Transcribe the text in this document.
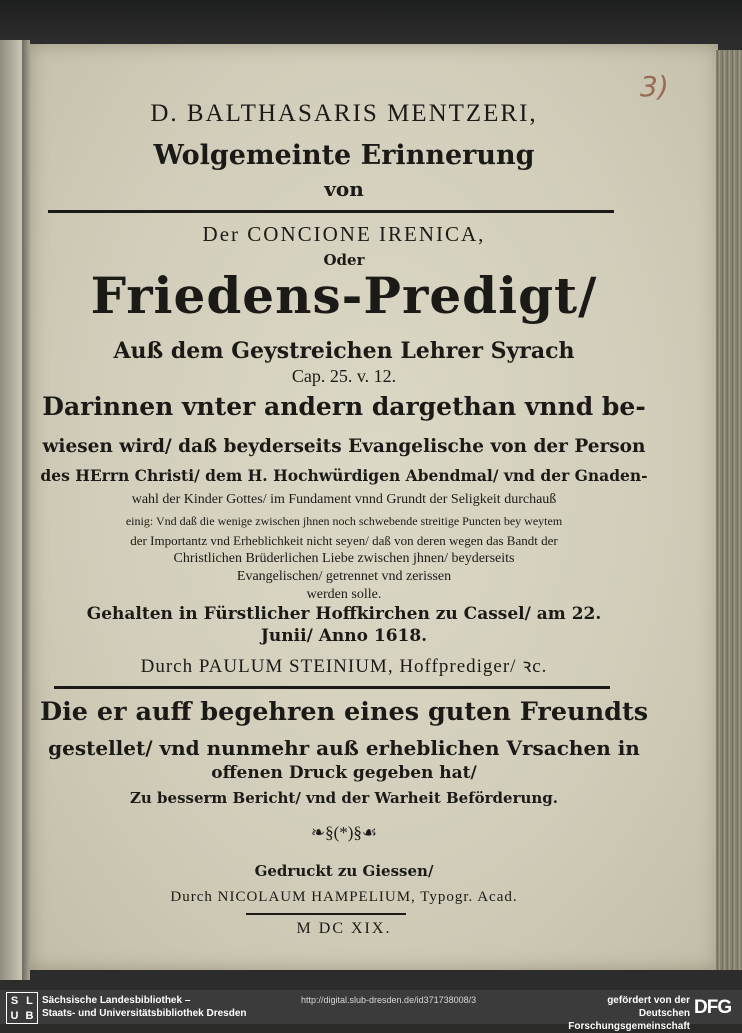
3)
D. BALTHASARIS MENTZERI,
Wolgemeinte Erinnerung
von
Der CONCIONE IRENICA,
Oder
Friedens-Predigt/
Auß dem Geystreichen Lehrer Syrach
Cap. 25. v. 12.
Darinnen vnter andern dargethan vnnd be-
wiesen wird/ daß beyderseits Evangelische von der Person
des HErrn Christi/ dem H. Hochwürdigen Abendmal/ vnd der Gnaden-
wahl der Kinder Gottes/ im Fundament vnnd Grundt der Seligkeit durchauß
einig: Vnd daß die wenige zwischen jhnen noch schwebende streitige Puncten bey weytem
der Importantz vnd Erheblichkeit nicht seyen/ daß von deren wegen das Bandt der
Christlichen Brüderlichen Liebe zwischen jhnen/ beyderseits
Evangelischen/ getrennet vnd zerissen
werden solle.
Gehalten in Fürstlicher Hoffkirchen zu Cassel/ am 22.
Junii/ Anno 1618.
Durch PAULUM STEINIUM, Hoffprediger/ ꝛc.
Die er auff begehren eines guten Freundts
gestellet/ vnd nunmehr auß erheblichen Vrsachen in
offenen Druck gegeben hat/
Zu besserm Bericht/ vnd der Warheit Beförderung.
❧§(*)§☙
Gedruckt zu Giessen/
Durch NICOLAUM HAMPELIUM, Typogr. Acad.
M DC XIX.
S L
U B
Sächsische Landesbibliothek –
Staats- und Universitätsbibliothek Dresden
http://digital.slub-dresden.de/id371738008/3	gefördert von der
Deutschen Forschungsgemeinschaft
DFG
